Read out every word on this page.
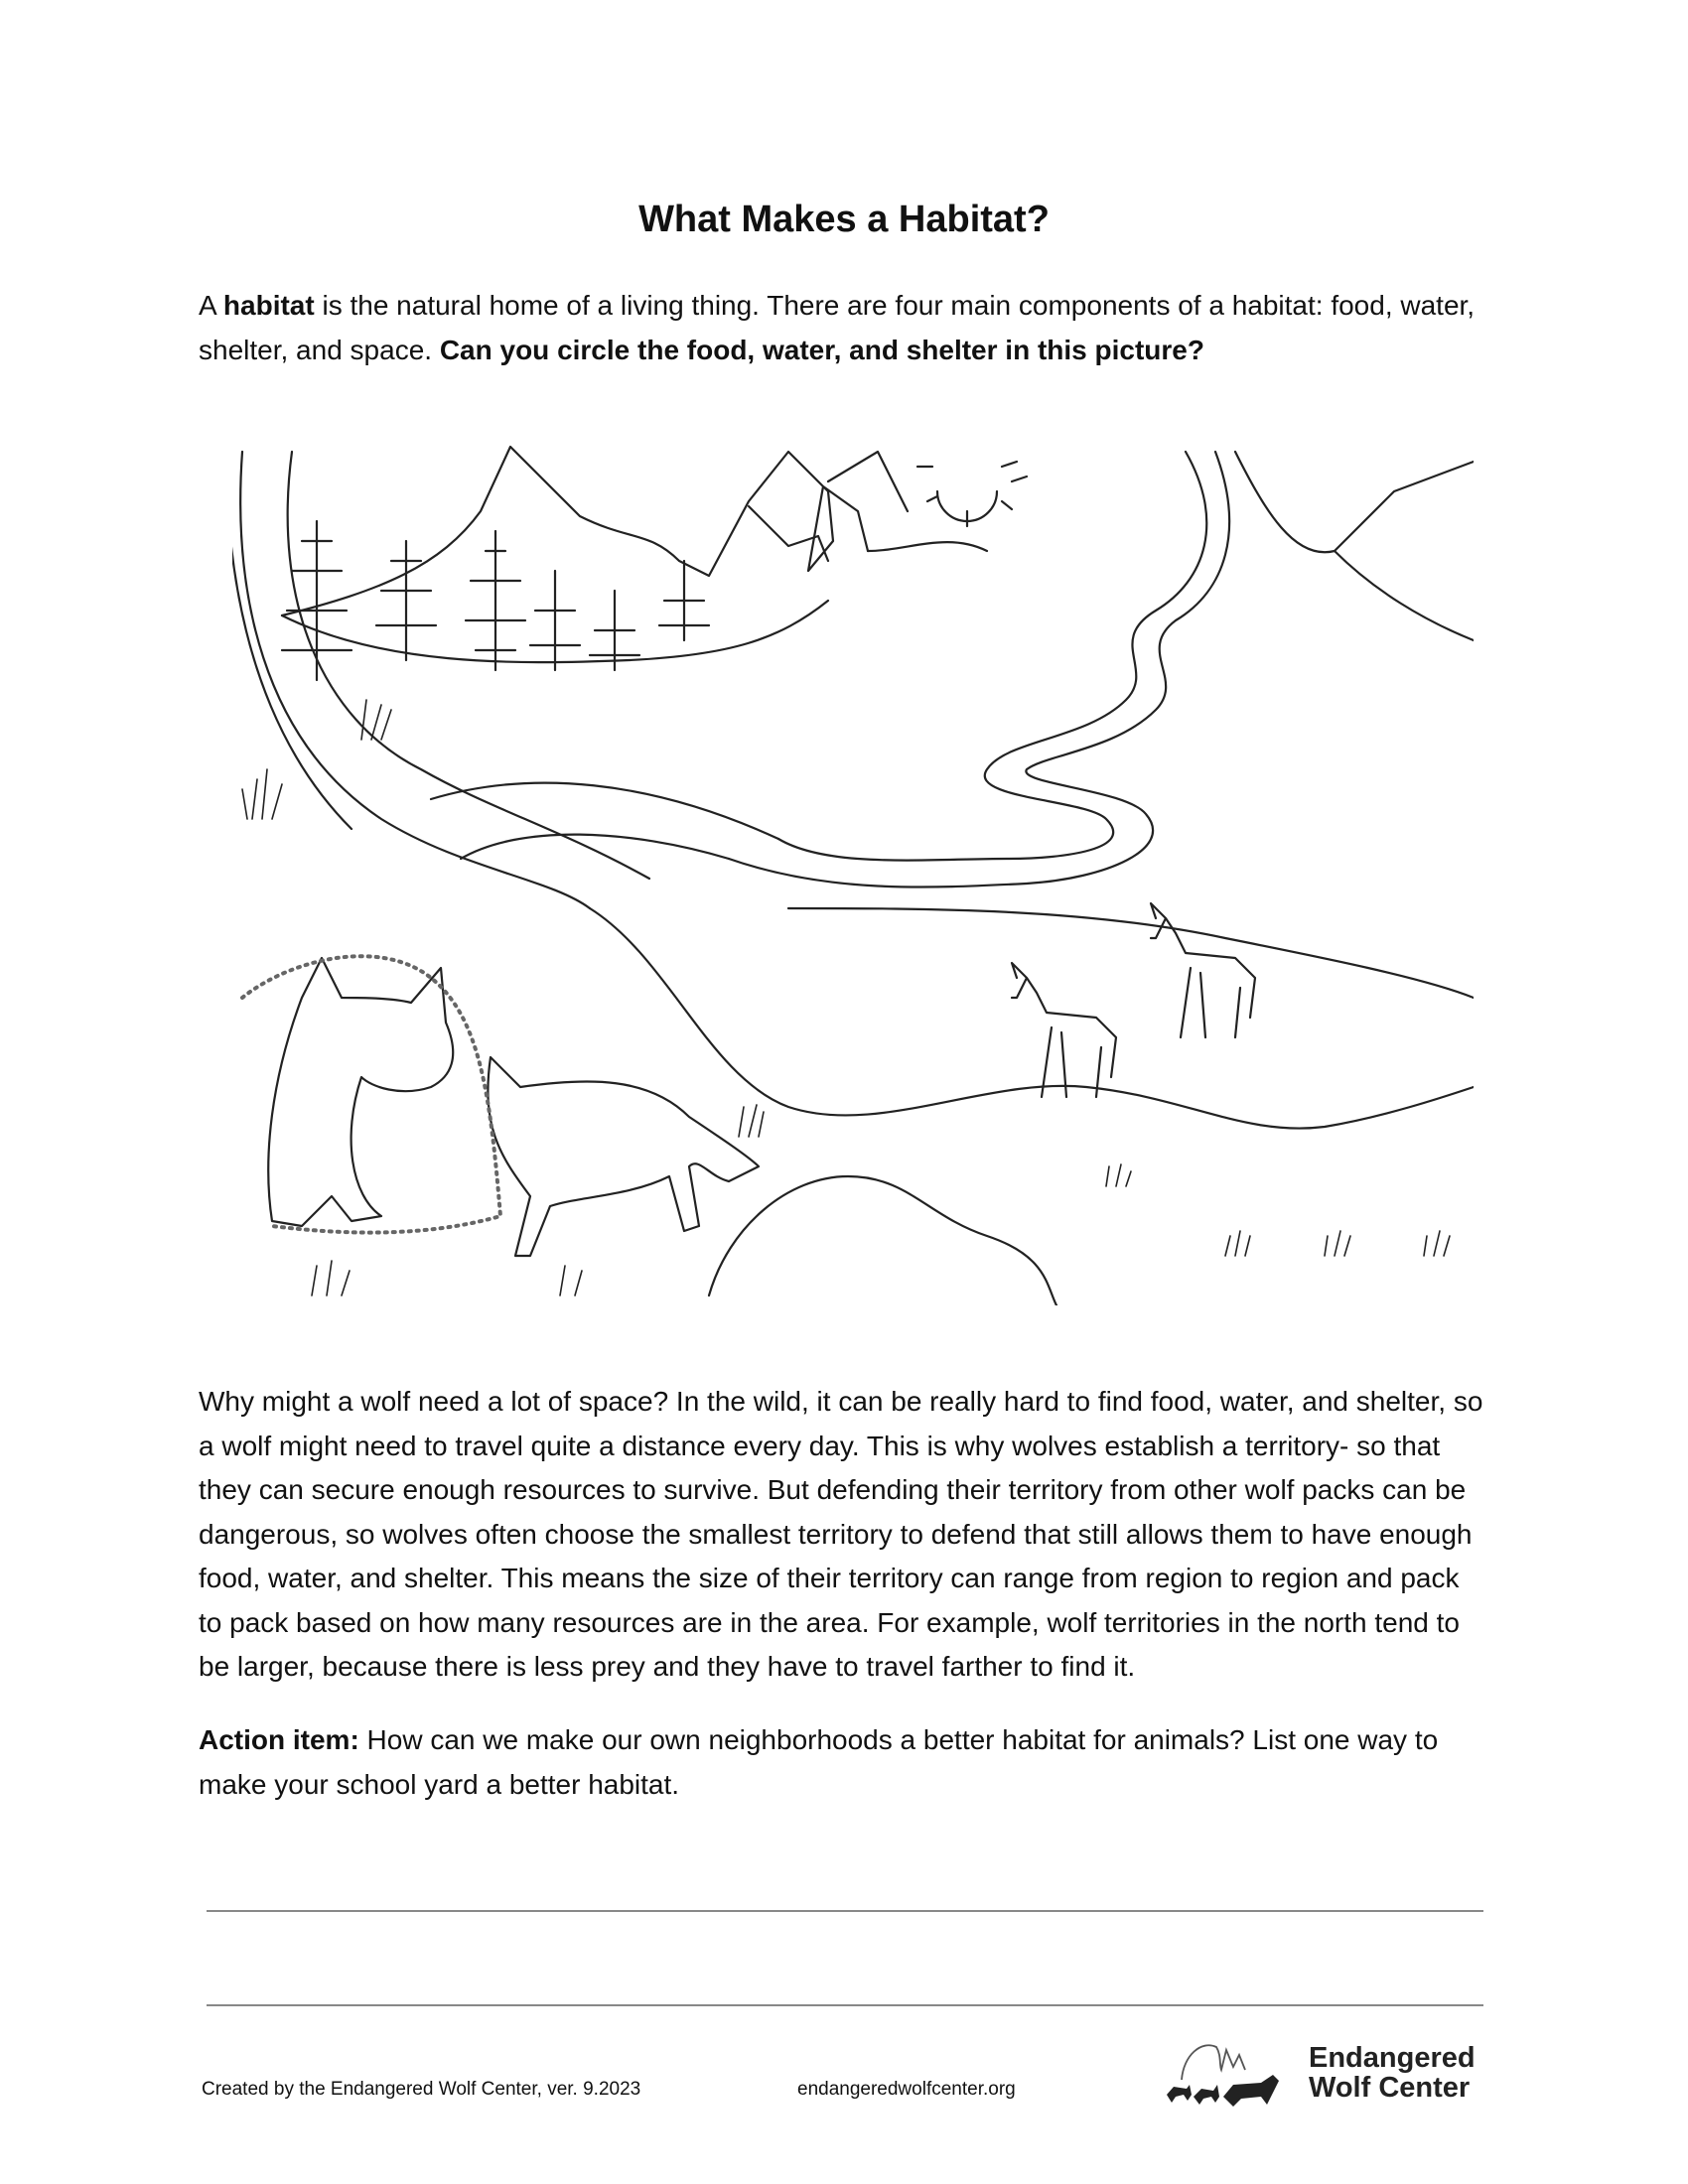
What Makes a Habitat?

A habitat is the natural home of a living thing. There are four main components of a habitat: food, water, shelter, and space. Can you circle the food, water, and shelter in this picture?

Why might a wolf need a lot of space? In the wild, it can be really hard to find food, water, and shelter, so a wolf might need to travel quite a distance every day. This is why wolves establish a territory- so that they can secure enough resources to survive. But defending their territory from other wolf packs can be dangerous, so wolves often choose the smallest territory to defend that still allows them to have enough food, water, and shelter. This means the size of their territory can range from region to region and pack to pack based on how many resources are in the area. For example, wolf territories in the north tend to be larger, because there is less prey and they have to travel farther to find it.

Action item: How can we make our own neighborhoods a better habitat for animals? List one way to make your school yard a better habitat.

Created by the Endangered Wolf Center, ver. 9.2023	endangeredwolfcenter.org
Endangered
Wolf Center
